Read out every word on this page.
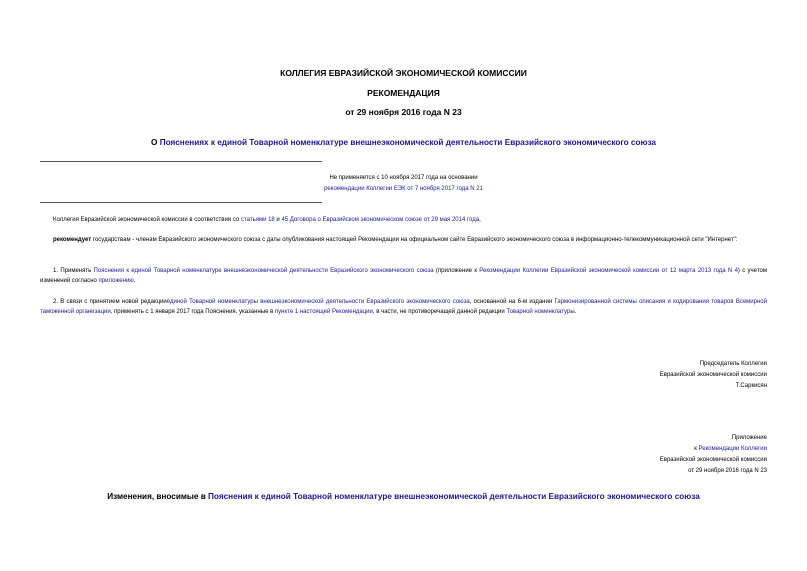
КОЛЛЕГИЯ ЕВРАЗИЙСКОЙ ЭКОНОМИЧЕСКОЙ КОМИССИИ
РЕКОМЕНДАЦИЯ
от 29 ноября 2016 года N 23
О Пояснениях к единой Товарной номенклатуре внешнеэкономической деятельности Евразийского экономического союза
Не применяется с 10 ноября 2017 года на основании
рекомендации Коллегии ЕЭК от 7 ноября 2017 года N 21
Коллегия Евразийской экономической комиссии в соответствии со статьями 18 и 45 Договора о Евразийском экономическом союзе от 29 мая 2014 года,
рекомендует государствам - членам Евразийского экономического союза с даты опубликования настоящей Рекомендации на официальном сайте Евразийского экономического союза в информационно-телекоммуникационной сети "Интернет":
1. Применять Пояснения к единой Товарной номенклатуре внешнеэкономической деятельности Евразийского экономического союза (приложение к Рекомендации Коллегии Евразийской экономической комиссии от 12 марта 2013 года N 4) с учетом изменений согласно приложению.
2. В связи с принятием новой редакцииединой Товарной номенклатуры внешнеэкономической деятельности Евразийского экономического союза, основанной на 6-м издании Гармонизированной системы описания и кодирования товаров Всемирной таможенной организации, применять с 1 января 2017 года Пояснения, указанные в пункте 1 настоящей Рекомендации, в части, не противоречащей данной редакции Товарной номенклатуры.
Председатель Коллегии
Евразийской экономической комиссии
Т.Саркисян
Приложение
к Рекомендации Коллегии
Евразийской экономической комиссии
от 29 ноября 2016 года N 23
Изменения, вносимые в Пояснения к единой Товарной номенклатуре внешнеэкономической деятельности Евразийского экономического союза
